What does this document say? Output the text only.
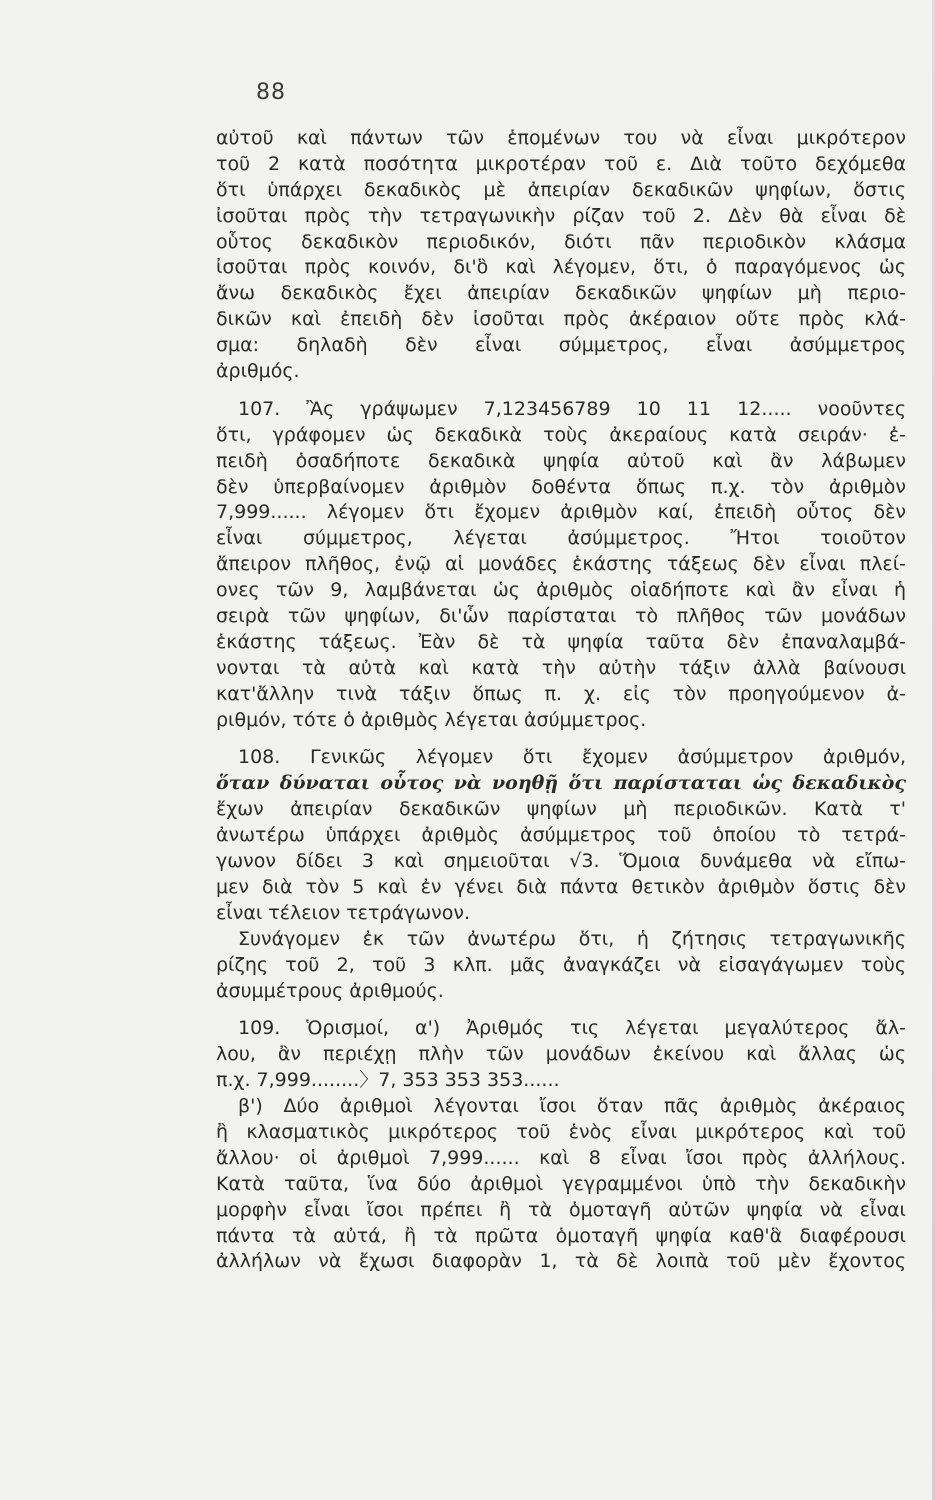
88
αὐτοῦ καὶ πάντων τῶν ἑπομένων του νὰ εἶναι μικρότερον
τοῦ 2 κατὰ ποσότητα μικροτέραν τοῦ ε. Διὰ τοῦτο δεχόμεθα
ὅτι ὑπάρχει δεκαδικὸς μὲ ἀπειρίαν δεκαδικῶν ψηφίων, ὅστις
ἰσοῦται πρὸς τὴν τετραγωνικὴν ρίζαν τοῦ 2. Δὲν θὰ εἶναι δὲ
οὗτος δεκαδικὸν περιοδικόν, διότι πᾶν περιοδικὸν κλάσμα
ἰσοῦται πρὸς κοινόν, δι'ὃ καὶ λέγομεν, ὅτι, ὁ παραγόμενος ὡς
ἄνω δεκαδικὸς ἔχει ἀπειρίαν δεκαδικῶν ψηφίων μὴ περιο-
δικῶν καὶ ἐπειδὴ δὲν ἰσοῦται πρὸς ἀκέραιον οὔτε πρὸς κλά-
σμα: δηλαδὴ δὲν εἶναι σύμμετρος, εἶναι ἀσύμμετρος
ἀριθμός.
107. Ἂς γράψωμεν 7,123456789 10 11 12..... νοοῦντες
ὅτι, γράφομεν ὡς δεκαδικὰ τοὺς ἀκεραίους κατὰ σειράν· ἐ-
πειδὴ ὁσαδήποτε δεκαδικὰ ψηφία αὐτοῦ καὶ ἂν λάβωμεν
δὲν ὑπερβαίνομεν ἀριθμὸν δοθέντα ὅπως π.χ. τὸν ἀριθμὸν
7,999...... λέγομεν ὅτι ἔχομεν ἀριθμὸν καί, ἐπειδὴ οὗτος δὲν
εἶναι σύμμετρος, λέγεται ἀσύμμετρος. Ἤτοι τοιοῦτον
ἄπειρον πλῆθος, ἐνῷ αἱ μονάδες ἑκάστης τάξεως δὲν εἶναι πλεί-
ονες τῶν 9, λαμβάνεται ὡς ἀριθμὸς οἱαδήποτε καὶ ἂν εἶναι ἡ
σειρὰ τῶν ψηφίων, δι'ὧν παρίσταται τὸ πλῆθος τῶν μονάδων
ἑκάστης τάξεως. Ἐὰν δὲ τὰ ψηφία ταῦτα δὲν ἐπαναλαμβά-
νονται τὰ αὐτὰ καὶ κατὰ τὴν αὐτὴν τάξιν ἀλλὰ βαίνουσι
κατ'ἄλλην τινὰ τάξιν ὅπως π. χ. εἰς τὸν προηγούμενον ἀ-
ριθμόν, τότε ὁ ἀριθμὸς λέγεται ἀσύμμετρος.
108. Γενικῶς λέγομεν ὅτι ἔχομεν ἀσύμμετρον ἀριθμόν,
ὅταν δύναται οὗτος νὰ νοηθῇ ὅτι παρίσταται ὡς δεκαδικὸς
ἔχων ἀπειρίαν δεκαδικῶν ψηφίων μὴ περιοδικῶν. Κατὰ τ'
ἀνωτέρω ὑπάρχει ἀριθμὸς ἀσύμμετρος τοῦ ὁποίου τὸ τετρά-
γωνον δίδει 3 καὶ σημειοῦται √3. Ὅμοια δυνάμεθα νὰ εἴπω-
μεν διὰ τὸν 5 καὶ ἐν γένει διὰ πάντα θετικὸν ἀριθμὸν ὅστις δὲν
εἶναι τέλειον τετράγωνον.
Συνάγομεν ἐκ τῶν ἀνωτέρω ὅτι, ἡ ζήτησις τετραγωνικῆς
ρίζης τοῦ 2, τοῦ 3 κλπ. μᾶς ἀναγκάζει νὰ εἰσαγάγωμεν τοὺς
ἀσυμμέτρους ἀριθμούς.
109. Ὁρισμοί, α') Ἀριθμός τις λέγεται μεγαλύτερος ἄλ-
λου, ἂν περιέχῃ πλὴν τῶν μονάδων ἐκείνου καὶ ἄλλας ὡς
π.χ. 7,999........〉7, 353 353 353......
β') Δύο ἀριθμοὶ λέγονται ἴσοι ὅταν πᾶς ἀριθμὸς ἀκέραιος
ἢ κλασματικὸς μικρότερος τοῦ ἑνὸς εἶναι μικρότερος καὶ τοῦ
ἄλλου· οἱ ἀριθμοὶ 7,999...... καὶ 8 εἶναι ἴσοι πρὸς ἀλλήλους.
Κατὰ ταῦτα, ἵνα δύο ἀριθμοὶ γεγραμμένοι ὑπὸ τὴν δεκαδικὴν
μορφὴν εἶναι ἴσοι πρέπει ἢ τὰ ὁμοταγῆ αὐτῶν ψηφία νὰ εἶναι
πάντα τὰ αὐτά, ἢ τὰ πρῶτα ὁμοταγῆ ψηφία καθ'ἃ διαφέρουσι
ἀλλήλων νὰ ἔχωσι διαφορὰν 1, τὰ δὲ λοιπὰ τοῦ μὲν ἔχοντος
